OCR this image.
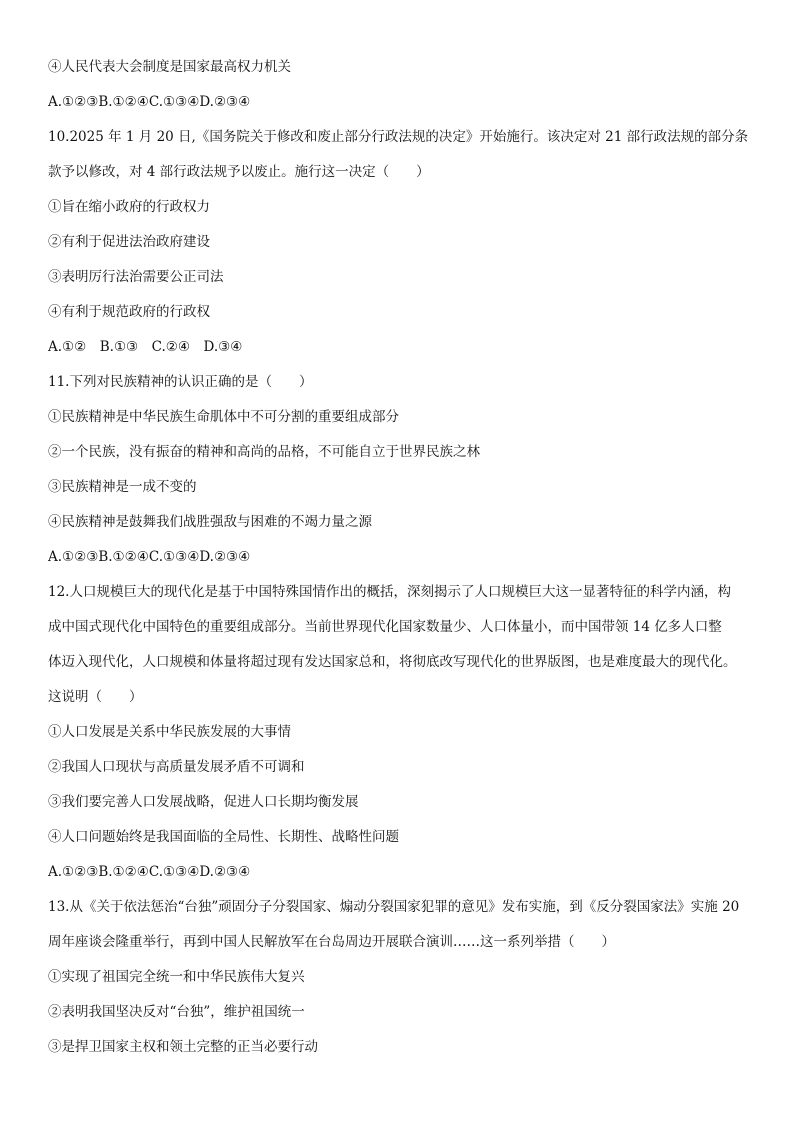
④人民代表大会制度是国家最高权力机关
A.①②③B.①②④C.①③④D.②③④
10.2025 年 1 月 20 日,《国务院关于修改和废止部分行政法规的决定》开始施行。该决定对 21 部行政法规的部分条
款予以修改，对 4 部行政法规予以废止。施行这一决定（　　）
①旨在缩小政府的行政权力
②有利于促进法治政府建设
③表明厉行法治需要公正司法
④有利于规范政府的行政权
A.①②　B.①③　C.②④　D.③④
11.下列对民族精神的认识正确的是（　　）
①民族精神是中华民族生命肌体中不可分割的重要组成部分
②一个民族，没有振奋的精神和高尚的品格，不可能自立于世界民族之林
③民族精神是一成不变的
④民族精神是鼓舞我们战胜强敌与困难的不竭力量之源
A.①②③B.①②④C.①③④D.②③④
12.人口规模巨大的现代化是基于中国特殊国情作出的概括，深刻揭示了人口规模巨大这一显著特征的科学内涵，构
成中国式现代化中国特色的重要组成部分。当前世界现代化国家数量少、人口体量小，而中国带领 14 亿多人口整
体迈入现代化，人口规模和体量将超过现有发达国家总和，将彻底改写现代化的世界版图，也是难度最大的现代化。
这说明（　　）
①人口发展是关系中华民族发展的大事情
②我国人口现状与高质量发展矛盾不可调和
③我们要完善人口发展战略，促进人口长期均衡发展
④人口问题始终是我国面临的全局性、长期性、战略性问题
A.①②③B.①②④C.①③④D.②③④
13.从《关于依法惩治“台独”顽固分子分裂国家、煽动分裂国家犯罪的意见》发布实施，到《反分裂国家法》实施 20
周年座谈会隆重举行，再到中国人民解放军在台岛周边开展联合演训……这一系列举措（　　）
①实现了祖国完全统一和中华民族伟大复兴
②表明我国坚决反对“台独”，维护祖国统一
③是捍卫国家主权和领土完整的正当必要行动
